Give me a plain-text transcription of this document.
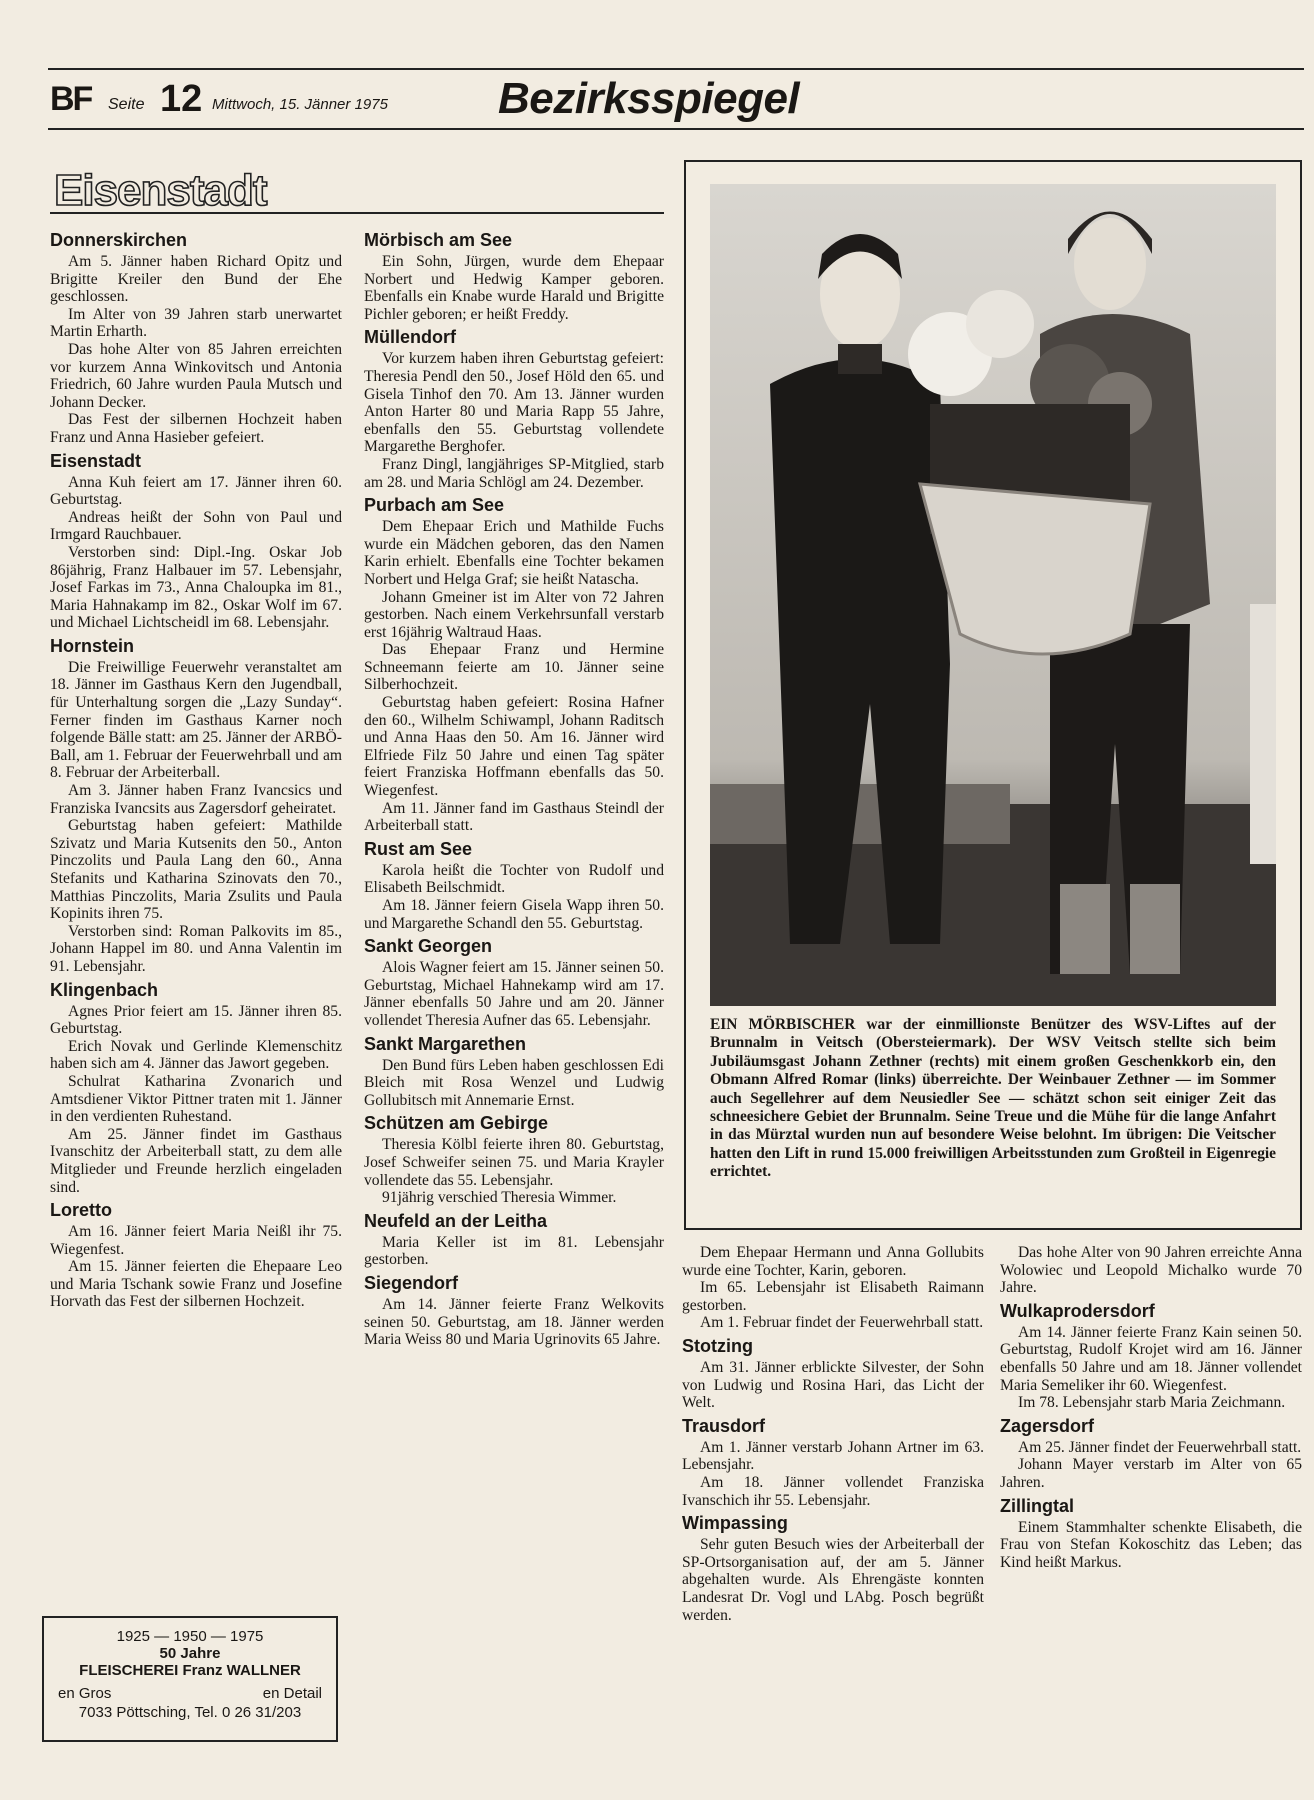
BF Seite 12 Mittwoch, 15. Jänner 1975	Bezirksspiegel
Eisenstadt
Donnerskirchen

Am 5. Jänner haben Richard Opitz und Brigitte Kreiler den Bund der Ehe geschlossen.

Im Alter von 39 Jahren starb unerwartet Martin Erharth.

Das hohe Alter von 85 Jahren erreichten vor kurzem Anna Winkovitsch und Antonia Friedrich, 60 Jahre wurden Paula Mutsch und Johann Decker.

Das Fest der silbernen Hochzeit haben Franz und Anna Hasieber gefeiert.

Eisenstadt

Anna Kuh feiert am 17. Jänner ihren 60. Geburtstag.

Andreas heißt der Sohn von Paul und Irmgard Rauchbauer.

Verstorben sind: Dipl.-Ing. Oskar Job 86jährig, Franz Halbauer im 57. Lebensjahr, Josef Farkas im 73., Anna Chaloupka im 81., Maria Hahnakamp im 82., Oskar Wolf im 67. und Michael Lichtscheidl im 68. Lebensjahr.

Hornstein

Die Freiwillige Feuerwehr veranstaltet am 18. Jänner im Gasthaus Kern den Jugendball, für Unterhaltung sorgen die „Lazy Sunday“. Ferner finden im Gasthaus Karner noch folgende Bälle statt: am 25. Jänner der ARBÖ-Ball, am 1. Februar der Feuerwehrball und am 8. Februar der Arbeiterball.

Am 3. Jänner haben Franz Ivancsics und Franziska Ivancsits aus Zagersdorf geheiratet.

Geburtstag haben gefeiert: Mathilde Szivatz und Maria Kutsenits den 50., Anton Pinczolits und Paula Lang den 60., Anna Stefanits und Katharina Szinovats den 70., Matthias Pinczolits, Maria Zsulits und Paula Kopinits ihren 75.

Verstorben sind: Roman Palkovits im 85., Johann Happel im 80. und Anna Valentin im 91. Lebensjahr.

Klingenbach

Agnes Prior feiert am 15. Jänner ihren 85. Geburtstag.

Erich Novak und Gerlinde Klemenschitz haben sich am 4. Jänner das Jawort gegeben.

Schulrat Katharina Zvonarich und Amtsdiener Viktor Pittner traten mit 1. Jänner in den verdienten Ruhestand.

Am 25. Jänner findet im Gasthaus Ivanschitz der Arbeiterball statt, zu dem alle Mitglieder und Freunde herzlich eingeladen sind.

Loretto

Am 16. Jänner feiert Maria Neißl ihr 75. Wiegenfest.

Am 15. Jänner feierten die Ehepaare Leo und Maria Tschank sowie Franz und Josefine Horvath das Fest der silbernen Hochzeit.

Mörbisch am See

Ein Sohn, Jürgen, wurde dem Ehepaar Norbert und Hedwig Kamper geboren. Ebenfalls ein Knabe wurde Harald und Brigitte Pichler geboren; er heißt Freddy.

Müllendorf

Vor kurzem haben ihren Geburtstag gefeiert: Theresia Pendl den 50., Josef Höld den 65. und Gisela Tinhof den 70. Am 13. Jänner wurden Anton Harter 80 und Maria Rapp 55 Jahre, ebenfalls den 55. Geburtstag vollendete Margarethe Berghofer.

Franz Dingl, langjähriges SP-Mitglied, starb am 28. und Maria Schlögl am 24. Dezember.

Purbach am See

Dem Ehepaar Erich und Mathilde Fuchs wurde ein Mädchen geboren, das den Namen Karin erhielt. Ebenfalls eine Tochter bekamen Norbert und Helga Graf; sie heißt Natascha.

Johann Gmeiner ist im Alter von 72 Jahren gestorben. Nach einem Verkehrsunfall verstarb erst 16jährig Waltraud Haas.

Das Ehepaar Franz und Hermine Schneemann feierte am 10. Jänner seine Silberhochzeit.

Geburtstag haben gefeiert: Rosina Hafner den 60., Wilhelm Schiwampl, Johann Raditsch und Anna Haas den 50. Am 16. Jänner wird Elfriede Filz 50 Jahre und einen Tag später feiert Franziska Hoffmann ebenfalls das 50. Wiegenfest.

Am 11. Jänner fand im Gasthaus Steindl der Arbeiterball statt.

Rust am See

Karola heißt die Tochter von Rudolf und Elisabeth Beilschmidt.

Am 18. Jänner feiern Gisela Wapp ihren 50. und Margarethe Schandl den 55. Geburtstag.

Sankt Georgen

Alois Wagner feiert am 15. Jänner seinen 50. Geburtstag, Michael Hahnekamp wird am 17. Jänner ebenfalls 50 Jahre und am 20. Jänner vollendet Theresia Aufner das 65. Lebensjahr.

Sankt Margarethen

Den Bund fürs Leben haben geschlossen Edi Bleich mit Rosa Wenzel und Ludwig Gollubitsch mit Annemarie Ernst.

Schützen am Gebirge

Theresia Kölbl feierte ihren 80. Geburtstag, Josef Schweifer seinen 75. und Maria Krayler vollendete das 55. Lebensjahr.

91jährig verschied Theresia Wimmer.

Neufeld an der Leitha

Maria Keller ist im 81. Lebensjahr gestorben.

Siegendorf

Am 14. Jänner feierte Franz Welkovits seinen 50. Geburtstag, am 18. Jänner werden Maria Weiss 80 und Maria Ugrinovits 65 Jahre.

EIN MÖRBISCHER war der einmillionste Benützer des WSV-Liftes auf der Brunnalm in Veitsch (Obersteiermark). Der WSV Veitsch stellte sich beim Jubiläumsgast Johann Zethner (rechts) mit einem großen Geschenkkorb ein, den Obmann Alfred Romar (links) überreichte. Der Weinbauer Zethner — im Sommer auch Segellehrer auf dem Neusiedler See — schätzt schon seit einiger Zeit das schneesichere Gebiet der Brunnalm. Seine Treue und die Mühe für die lange Anfahrt in das Mürztal wurden nun auf besondere Weise belohnt. Im übrigen: Die Veitscher hatten den Lift in rund 15.000 freiwilligen Arbeitsstunden zum Großteil in Eigenregie errichtet.

Dem Ehepaar Hermann und Anna Gollubits wurde eine Tochter, Karin, geboren.

Im 65. Lebensjahr ist Elisabeth Raimann gestorben.

Am 1. Februar findet der Feuerwehrball statt.

Stotzing

Am 31. Jänner erblickte Silvester, der Sohn von Ludwig und Rosina Hari, das Licht der Welt.

Trausdorf

Am 1. Jänner verstarb Johann Artner im 63. Lebensjahr.

Am 18. Jänner vollendet Franziska Ivanschich ihr 55. Lebensjahr.

Wimpassing

Sehr guten Besuch wies der Arbeiterball der SP-Ortsorganisation auf, der am 5. Jänner abgehalten wurde. Als Ehrengäste konnten Landesrat Dr. Vogl und LAbg. Posch begrüßt werden.

Das hohe Alter von 90 Jahren erreichte Anna Wolowiec und Leopold Michalko wurde 70 Jahre.

Wulkaprodersdorf

Am 14. Jänner feierte Franz Kain seinen 50. Geburtstag, Rudolf Krojet wird am 16. Jänner ebenfalls 50 Jahre und am 18. Jänner vollendet Maria Semeliker ihr 60. Wiegenfest.

Im 78. Lebensjahr starb Maria Zeichmann.

Zagersdorf

Am 25. Jänner findet der Feuerwehrball statt.

Johann Mayer verstarb im Alter von 65 Jahren.

Zillingtal

Einem Stammhalter schenkte Elisabeth, die Frau von Stefan Kokoschitz das Leben; das Kind heißt Markus.

1925 — 1950 — 1975
50 Jahre
FLEISCHEREI Franz WALLNER
en Gros	en Detail
7033 Pöttsching, Tel. 0 26 31/203
